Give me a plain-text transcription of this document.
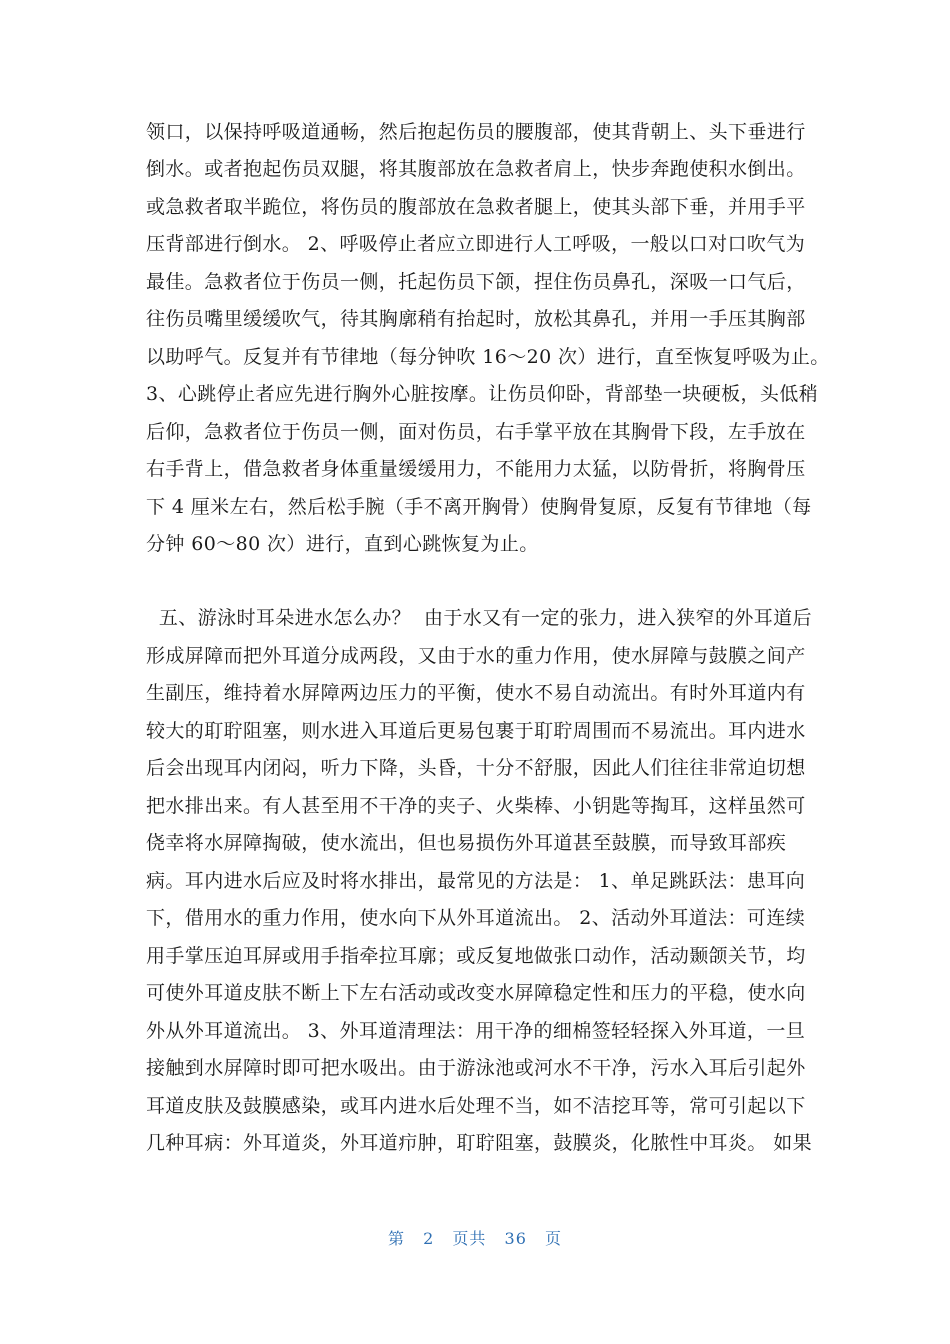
领口，以保持呼吸道通畅，然后抱起伤员的腰腹部，使其背朝上、头下垂进行
倒水。或者抱起伤员双腿，将其腹部放在急救者肩上，快步奔跑使积水倒出。
或急救者取半跪位，将伤员的腹部放在急救者腿上，使其头部下垂，并用手平
压背部进行倒水。 2、呼吸停止者应立即进行人工呼吸，一般以口对口吹气为
最佳。急救者位于伤员一侧，托起伤员下颌，捏住伤员鼻孔，深吸一口气后，
往伤员嘴里缓缓吹气，待其胸廓稍有抬起时，放松其鼻孔，并用一手压其胸部
以助呼气。反复并有节律地（每分钟吹 16～20 次）进行，直至恢复呼吸为止。
3、心跳停止者应先进行胸外心脏按摩。让伤员仰卧，背部垫一块硬板，头低稍
后仰，急救者位于伤员一侧，面对伤员，右手掌平放在其胸骨下段，左手放在
右手背上，借急救者身体重量缓缓用力，不能用力太猛，以防骨折，将胸骨压
下 4 厘米左右，然后松手腕（手不离开胸骨）使胸骨复原，反复有节律地（每
分钟 60～80 次）进行，直到心跳恢复为止。
五、游泳时耳朵进水怎么办？  由于水又有一定的张力，进入狭窄的外耳道后
形成屏障而把外耳道分成两段，又由于水的重力作用，使水屏障与鼓膜之间产
生副压，维持着水屏障两边压力的平衡，使水不易自动流出。有时外耳道内有
较大的耵聍阻塞，则水进入耳道后更易包裹于耵聍周围而不易流出。耳内进水
后会出现耳内闭闷，听力下降，头昏，十分不舒服，因此人们往往非常迫切想
把水排出来。有人甚至用不干净的夹子、火柴棒、小钥匙等掏耳，这样虽然可
侥幸将水屏障掏破，使水流出，但也易损伤外耳道甚至鼓膜，而导致耳部疾
病。耳内进水后应及时将水排出，最常见的方法是： 1、单足跳跃法：患耳向
下，借用水的重力作用，使水向下从外耳道流出。 2、活动外耳道法：可连续
用手掌压迫耳屏或用手指牵拉耳廓；或反复地做张口动作，活动颞颌关节，均
可使外耳道皮肤不断上下左右活动或改变水屏障稳定性和压力的平稳，使水向
外从外耳道流出。 3、外耳道清理法：用干净的细棉签轻轻探入外耳道，一旦
接触到水屏障时即可把水吸出。由于游泳池或河水不干净，污水入耳后引起外
耳道皮肤及鼓膜感染，或耳内进水后处理不当，如不洁挖耳等，常可引起以下
几种耳病：外耳道炎，外耳道疖肿，耵聍阻塞，鼓膜炎，化脓性中耳炎。 如果
第 2 页共 36 页
